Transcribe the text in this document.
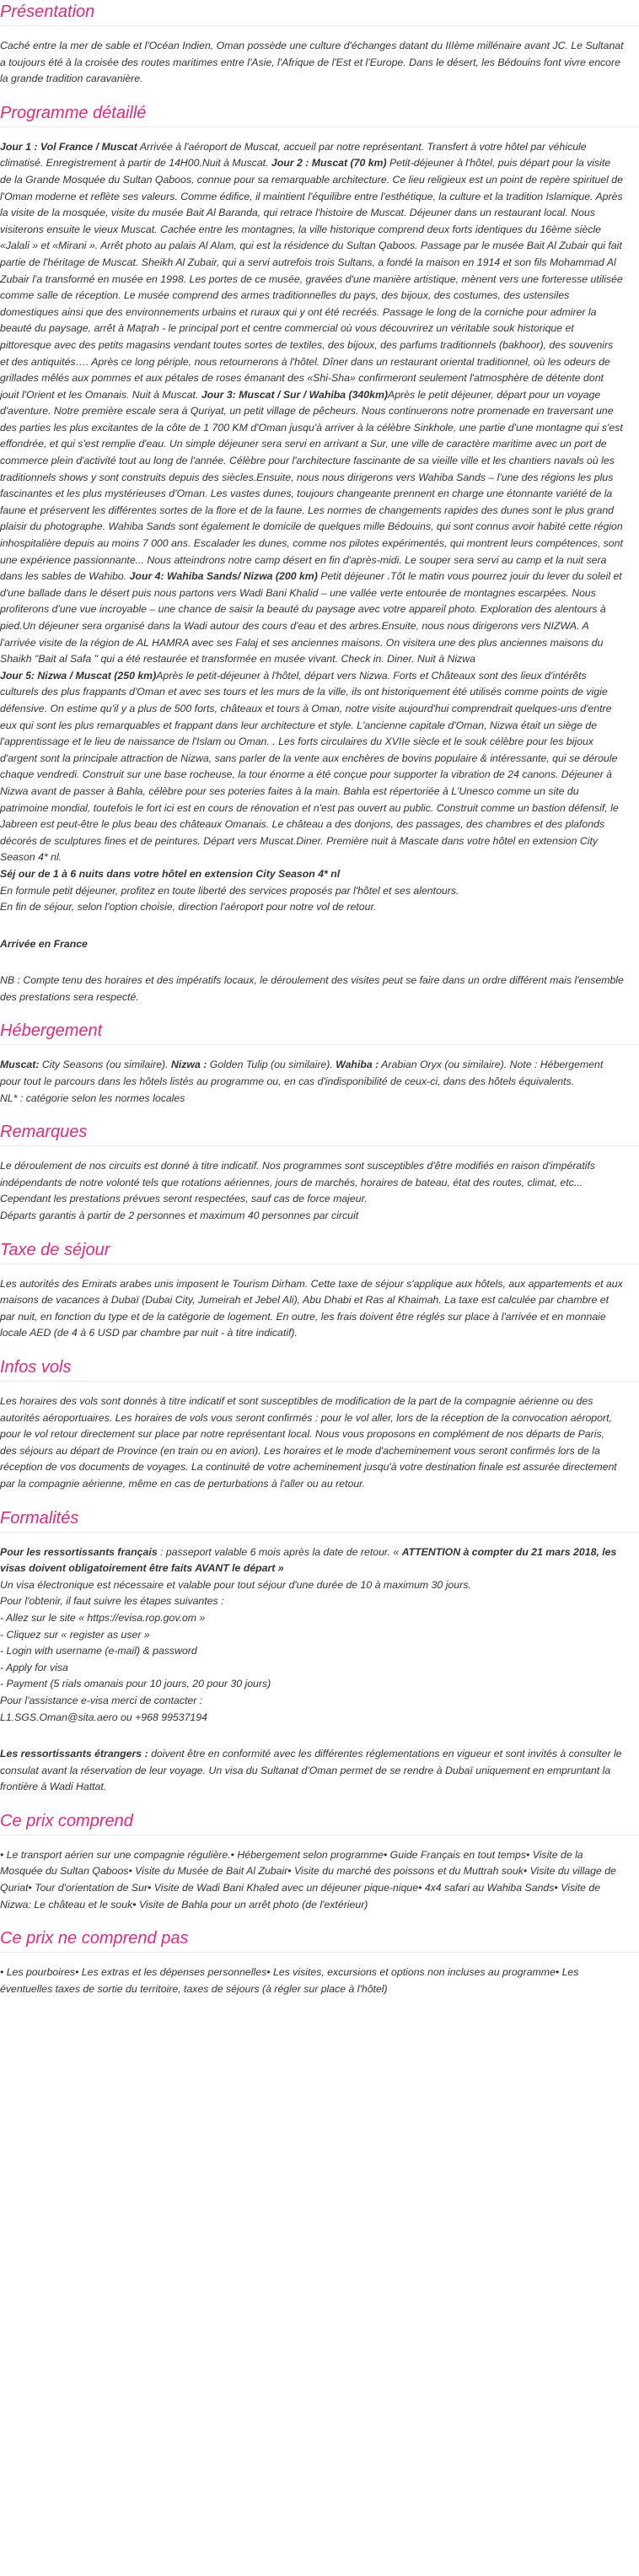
Présentation

Caché entre la mer de sable et l'Océan Indien, Oman possède une culture d'échanges datant du IIIème millénaire avant JC. Le Sultanat a toujours été à la croisée des routes maritimes entre l'Asie, l'Afrique de l'Est et l'Europe. Dans le désert, les Bédouins font vivre encore la grande tradition caravanière.

Programme détaillé

Jour 1 : Vol France / Muscat Arrivée à l'aéroport de Muscat, accueil par notre représentant. Transfert à votre hôtel par véhicule climatisé. Enregistrement à partir de 14H00.Nuit à Muscat. Jour 2 : Muscat (70 km) Petit-déjeuner à l'hôtel, puis départ pour la visite de la Grande Mosquée du Sultan Qaboos, connue pour sa remarquable architecture. Ce lieu religieux est un point de repère spirituel de l'Oman moderne et reflète ses valeurs. Comme édifice, il maintient l'équilibre entre l'esthétique, la culture et la tradition Islamique. Après la visite de la mosquée, visite du musée Bait Al Baranda, qui retrace l'histoire de Muscat. Déjeuner dans un restaurant local. Nous visiterons ensuite le vieux Muscat. Cachée entre les montagnes, la ville historique comprend deux forts identiques du 16ème siècle «Jalali » et «Mirani ». Arrêt photo au palais Al Alam, qui est la résidence du Sultan Qaboos. Passage par le musée Bait Al Zubair qui fait partie de l'héritage de Muscat. Sheikh Al Zubair, qui a servi autrefois trois Sultans, a fondé la maison en 1914 et son fils Mohammad Al Zubair l'a transformé en musée en 1998. Les portes de ce musée, gravées d'une manière artistique, mènent vers une forteresse utilisée comme salle de réception. Le musée comprend des armes traditionnelles du pays, des bijoux, des costumes, des ustensiles domestiques ainsi que des environnements urbains et ruraux qui y ont été recréés. Passage le long de la corniche pour admirer la beauté du paysage, arrêt à Maţrah - le principal port et centre commercial où vous découvrirez un véritable souk historique et pittoresque avec des petits magasins vendant toutes sortes de textiles, des bijoux, des parfums traditionnels (bakhoor), des souvenirs et des antiquités…. Après ce long périple, nous retournerons à l'hôtel. Dîner dans un restaurant oriental traditionnel, où les odeurs de grillades mêlés aux pommes et aux pétales de roses émanant des «Shi-Sha» confirmeront seulement l'atmosphère de détente dont jouit l'Orient et les Omanais. Nuit à Muscat. Jour 3: Muscat / Sur / Wahiba (340km)Après le petit déjeuner, départ pour un voyage d'aventure. Notre première escale sera à Quriyat, un petit village de pêcheurs. Nous continuerons notre promenade en traversant une des parties les plus excitantes de la côte de 1 700 KM d'Oman jusqu'à arriver à la célèbre Sinkhole, une partie d'une montagne qui s'est effondrée, et qui s'est remplie d'eau. Un simple déjeuner sera servi en arrivant a Sur, une ville de caractère maritime avec un port de commerce plein d'activité tout au long de l'année. Célèbre pour l'architecture fascinante de sa vieille ville et les chantiers navals où les traditionnels shows y sont construits depuis des siècles.Ensuite, nous nous dirigerons vers Wahiba Sands – l'une des régions les plus fascinantes et les plus mystérieuses d'Oman. Les vastes dunes, toujours changeante prennent en charge une étonnante variété de la faune et préservent les différentes sortes de la flore et de la faune. Les normes de changements rapides des dunes sont le plus grand plaisir du photographe. Wahiba Sands sont également le domicile de quelques mille Bédouins, qui sont connus avoir habité cette région inhospitalière depuis au moins 7 000 ans. Escalader les dunes, comme nos pilotes expérimentés, qui montrent leurs compétences, sont une expérience passionnante... Nous atteindrons notre camp désert en fin d'après-midi. Le souper sera servi au camp et la nuit sera dans les sables de Wahibo. Jour 4: Wahiba Sands/ Nizwa (200 km) Petit déjeuner .Tôt le matin vous pourrez jouir du lever du soleil et d'une ballade dans le désert puis nous partons vers Wadi Bani Khalid – une vallée verte entourée de montagnes escarpées. Nous profiterons d'une vue incroyable – une chance de saisir la beauté du paysage avec votre appareil photo. Exploration des alentours à pied.Un déjeuner sera organisé dans la Wadi autour des cours d'eau et des arbres.Ensuite, nous nous dirigerons vers NIZWA. A l'arrivée visite de la région de AL HAMRA avec ses Falaj et ses anciennes maisons. On visitera une des plus anciennes maisons du Shaikh "Bait al Safa " qui a été restaurée et transformée en musée vivant. Check in. Diner. Nuit à Nizwa
Jour 5: Nizwa / Muscat (250 km)Après le petit-déjeuner à l'hôtel, départ vers Nizwa. Forts et Châteaux sont des lieux d'intérêts culturels des plus frappants d'Oman et avec ses tours et les murs de la ville, ils ont historiquement été utilisés comme points de vigie défensive. On estime qu'il y a plus de 500 forts, châteaux et tours à Oman, notre visite aujourd'hui comprendrait quelques-uns d'entre eux qui sont les plus remarquables et frappant dans leur architecture et style. L'ancienne capitale d'Oman, Nizwa était un siège de l'apprentissage et le lieu de naissance de l'Islam ou Oman. . Les forts circulaires du XVIIe siècle et le souk célèbre pour les bijoux d'argent sont la principale attraction de Nizwa, sans parler de la vente aux enchères de bovins populaire & intéressante, qui se déroule chaque vendredi. Construit sur une base rocheuse, la tour énorme a été conçue pour supporter la vibration de 24 canons. Déjeuner à Nizwa avant de passer à Bahla, célèbre pour ses poteries faites à la main. Bahla est répertoriée à L'Unesco comme un site du patrimoine mondial, toutefois le fort ici est en cours de rénovation et n'est pas ouvert au public. Construit comme un bastion défensif, le Jabreen est peut-être le plus beau des châteaux Omanais. Le château a des donjons, des passages, des chambres et des plafonds décorés de sculptures fines et de peintures. Départ vers Muscat.Diner. Première nuit à Mascate dans votre hôtel en extension City Season 4* nl.
Séj our de 1 à 6 nuits dans votre hôtel en extension City Season 4* nl
En formule petit déjeuner, profitez en toute liberté des services proposés par l'hôtel et ses alentours.
En fin de séjour, selon l'option choisie, direction l'aéroport pour notre vol de retour.

Arrivée en France

NB : Compte tenu des horaires et des impératifs locaux, le déroulement des visites peut se faire dans un ordre différent mais l'ensemble des prestations sera respecté.

Hébergement

Muscat: City Seasons (ou similaire). Nizwa : Golden Tulip (ou similaire). Wahiba : Arabian Oryx (ou similaire). Note : Hébergement pour tout le parcours dans les hôtels listés au programme ou, en cas d'indisponibilité de ceux-ci, dans des hôtels équivalents.
NL* : catégorie selon les normes locales

Remarques

Le déroulement de nos circuits est donné à titre indicatif. Nos programmes sont susceptibles d'être modifiés en raison d'impératifs indépendants de notre volonté tels que rotations aériennes, jours de marchés, horaires de bateau, état des routes, climat, etc... Cependant les prestations prévues seront respectées, sauf cas de force majeur.
Départs garantis à partir de 2 personnes et maximum 40 personnes par circuit

Taxe de séjour

Les autorités des Emirats arabes unis imposent le Tourism Dirham. Cette taxe de séjour s'applique aux hôtels, aux appartements et aux maisons de vacances à Dubaï (Dubai City, Jumeirah et Jebel Ali), Abu Dhabi et Ras al Khaimah. La taxe est calculée par chambre et par nuit, en fonction du type et de la catégorie de logement. En outre, les frais doivent être réglés sur place à l'arrivée et en monnaie locale AED (de 4 à 6 USD par chambre par nuit - à titre indicatif).

Infos vols

Les horaires des vols sont donnés à titre indicatif et sont susceptibles de modification de la part de la compagnie aérienne ou des autorités aéroportuaires. Les horaires de vols vous seront confirmés : pour le vol aller, lors de la réception de la convocation aéroport, pour le vol retour directement sur place par notre représentant local. Nous vous proposons en complément de nos départs de Paris, des séjours au départ de Province (en train ou en avion). Les horaires et le mode d'acheminement vous seront confirmés lors de la réception de vos documents de voyages. La continuité de votre acheminement jusqu'à votre destination finale est assurée directement par la compagnie aérienne, même en cas de perturbations à l'aller ou au retour.

Formalités

Pour les ressortissants français : passeport valable 6 mois après la date de retour. « ATTENTION à compter du 21 mars 2018, les visas doivent obligatoirement être faits AVANT le départ »

Un visa électronique est nécessaire et valable pour tout séjour d'une durée de 10 à maximum 30 jours.
Pour l'obtenir, il faut suivre les étapes suivantes :
- Allez sur le site « https://evisa.rop.gov.om »
- Cliquez sur « register as user »
- Login with username (e-mail) & password
- Apply for visa
- Payment (5 rials omanais pour 10 jours, 20 pour 30 jours)
Pour l'assistance e-visa merci de contacter :
L1.SGS.Oman@sita.aero ou +968 99537194

Les ressortissants étrangers : doivent être en conformité avec les différentes réglementations en vigueur et sont invités à consulter le consulat avant la réservation de leur voyage. Un visa du Sultanat d'Oman permet de se rendre à Dubaï uniquement en empruntant la frontière à Wadi Hattat.

Ce prix comprend

• Le transport aérien sur une compagnie régulière.• Hébergement selon programme• Guide Français en tout temps• Visite de la Mosquée du Sultan Qaboos• Visite du Musée de Bait Al Zubair• Visite du marché des poissons et du Muttrah souk• Visite du village de Quriat• Tour d'orientation de Sur• Visite de Wadi Bani Khaled avec un déjeuner pique-nique• 4x4 safari au Wahiba Sands• Visite de Nizwa: Le château et le souk• Visite de Bahla pour un arrêt photo (de l'extérieur)

Ce prix ne comprend pas

• Les pourboires• Les extras et les dépenses personnelles• Les visites, excursions et options non incluses au programme• Les éventuelles taxes de sortie du territoire, taxes de séjours (à régler sur place à l'hôtel)
